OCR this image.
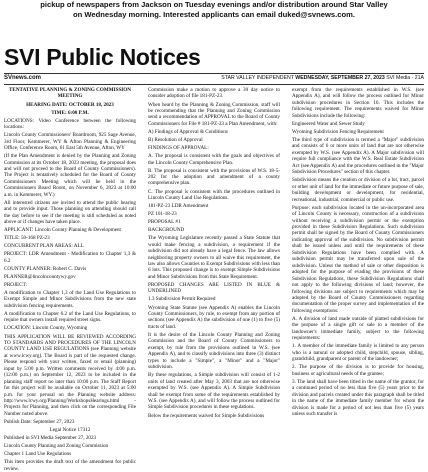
pickup of newspapers from Jackson on Tuesday evenings and/or distribution around Star Valley
on Wednesday morning. Interested applicants can email duked@svnews.com.
SVI Public Notices
SVnews.com	STAR VALLEY INDEPENDENT WEDNESDAY, SEPTEMBER 27, 2023 SVI Media - 21A

TENTATIVE PLANNING & ZONING COMMISSION MEETING

HEARING DATE: OCTOBER 18, 2023

TIME: 6:00 P.M.

LOCATIONS: Video Conference between the following locations:

Lincoln County Commissioners' Boardroom, 925 Sage Avenue, 3rd Floor, Kemmerer, WY & Afton Planning & Engineering Office, Conference Room, 61 East 5th Avenue, Afton, WY

(If the Plan Amendment is denied by the Planning and Zoning Commission at its October 18, 2023 meeting, the proposal does and will not proceed to the Board of County Commissioners). The Project is tentatively scheduled for the Board of County Commissioners Meeting which will be held in the Commissioners Board Room, on November 6, 2023 at 10:00 a.m. in Kemmerer, WY.)

All interested citizens are invited to attend the public hearing and to provide input. Those planning on attending should call the day before to see if the meeting is still scheduled as noted above or if changes have taken place.

APPLICANT: Lincoln County Planning & Development

TITLE: 50-168 PZ-23

CONCURRENT PLAN AREAS: ALL

PROJECT: LDR Amendment - Modification to Chapter 1,3 & 6.2

COUNTY PLANNER: Robert C. Davis

PLANNER@lincolncountywy.gov

PROJECT:

A modification to Chapter 1,3 of the Land Use Regulations to Exempt Simple and Minor Subdivisions from the new state subdivision fencing requirements.

A modification to Chapter 6.2 of the Land Use Regulations, to require that owners install required street signs.

LOCATION: Lincoln County, Wyoming

THIS APPLICATION WILL BE REVIEWED ACCORDING TO STANDARDS AND PROCEDURES OF THE LINCOLN COUNTY LAND USE REGULATIONS (see Planning website at www.lcwy.org). The Board is part of the requested change. Please respond with your written, faxed or email (planning) input by 5:00 p.m. Written comments received by 4:00 p.m. (12:00 p.m.) on September 12, 2023 to be included in the planning staff report no later than 10:00 p.m. The Staff Report for this project will be available on October 11, 2023 at 5:00 p.m. for your perusal on the Planning website address: http://www.lcwy.org/Planning/WorkshopsHearings.html - Projects for Planning, and then click on the corresponding File Number noted above.

Publish Date: September 27, 2023

Legal Notice 17312

Published in SVI Media September 27, 2023

Lincoln County Planning and Zoning Commission

Chapter 1 Land Use Regulations

This item provides the draft text of the amendment for public review.

Commission make a motion to approve a 30 day notice to consider adoption of file 181-PZ-23.

When heard by the Planning & Zoning Commission, staff will be recommending that the Planning and Zoning Commission send a recommendation of APPROVAL to the Board of County Commissioners for File # 181-PZ-23 a Plan Amendment, with:

A) Findings of Approval & Conditions

B) Resolution of Approval

FINDINGS OF APPROVAL:

A. The proposal is consistent with the goals and objectives of the Lincoln County Comprehensive Plan.

B. The proposal is consistent with the provisions of W.S. 18-5-202 for the adoption and amendment of a county comprehensive plan.

C. The proposal is consistent with the procedures outlined in Lincoln County Land Use Regulations.

181-PZ-23 LDR Amendment

PZ 101-18-23

PROPOSAL #1

BACKGROUND

The Wyoming Legislature recently passed a State Statute that would make fencing a subdivision, a requirement if the subdivision did not already have a legal fence. The law allows neighboring property owners to all waive this requirement, the law also allows Counties to Exempt Subdivisions with less than 6 lots. This proposed change is to exempt Simple Subdivisions and Minor Subdivisions from this State Requirement.

PROPOSED CHANGES ARE LISTED IN BLUE & UNDERLINED

1.3 Subdivision Permit Required

Wyoming State Statute (see Appendix A) enables the Lincoln County Commissioners, by rule, to exempt from any portion of sections (see Appendix A) the subdivision of one (1) to five (5) tracts of land.

It is the desire of the Lincoln County Planning and Zoning Commission and the Board of County Commissioners to exempt, by rule from the provisions outlined in W.S. (see Appendix A), and to classify subdivisions into three (3) distinct types to include a "Simple", a "Minor" and a "Major" subdivision.

By these regulations, a Simple subdivision will consist of 1-2 units of land created after May 3, 2003 that are not otherwise exempted by W.S. (see Appendix A). A Simple Subdivision shall be exempt from some of the requirements established by W.S. (see Appendix A), and will follow the process outlined for Simple Subdivision procedures in these regulations.

Below the requirements waived for Simple Subdivisions

exempt from the requirements established in W.S. (see Appendix A), and will follow the process outlined for Minor subdivision procedures in Section 16. This includes the following requirement. The requirements waived for Minor Subdivisions include the following:

Engineered Water and Sewer Study

Wyoming Subdivision Fencing Requirement

The third type of subdivision is termed a "Major" subdivision and consists of 6 or more units of land that are not otherwise exempted by W.S. (see Appendix A). A Major subdivision will require full compliance with the W.S. Real Estate Subdivision Act (see Appendix A) and the procedures outlined in the "Major Subdivision Procedures" section of this chapter.

Subdivision means the creation or division of a lot, tract, parcel or other unit of land for the immediate or future purpose of sale, building development or development, for residential, recreational, industrial, commercial or public use.

Purpose: each subdivision located in the un-incorporated area of Lincoln County is necessary, construction of a subdivision without receiving a subdivision permit or the exemption provided in these Subdivision Regulations. Such subdivision permit shall be signed by the Board of County Commissioners indicating approval of the subdivision. No subdivision permit shall be issued unless and until the requirements of these Subdivision Regulations have been complied with. A subdivision permit may be transferred upon sale of the subdivision. Unless the method of sale or other disposition is adopted for the purpose of evading the provisions of these Subdivision Regulations, these Subdivision Regulations shall not apply to the following divisions of land; however, the following divisions are subject to requirements which may be adopted by the Board of County Commissioners regarding documentation of the proper survey and implementation of the following exemptions:

A. A division of land made outside of platted subdivisions for the purpose of a single gift or sale to a member of the landowner's immediate family, subject to the following requirements:

1. A member of the immediate family is limited to any person who is a natural or adopted child, stepchild, spouse, sibling, grandchild, grandparent or parent of the landowner;

2. The purpose of the division is to provide for housing, business or agricultural needs of the grantee;

3. The land shall have been titled in the name of the grantor, for a continued period of no less than five (5) years prior to the division and parcels created under this paragraph shall be titled in the name of the immediate family member for whom the division is made for a period of not less than five (5) years unless such transfer is
